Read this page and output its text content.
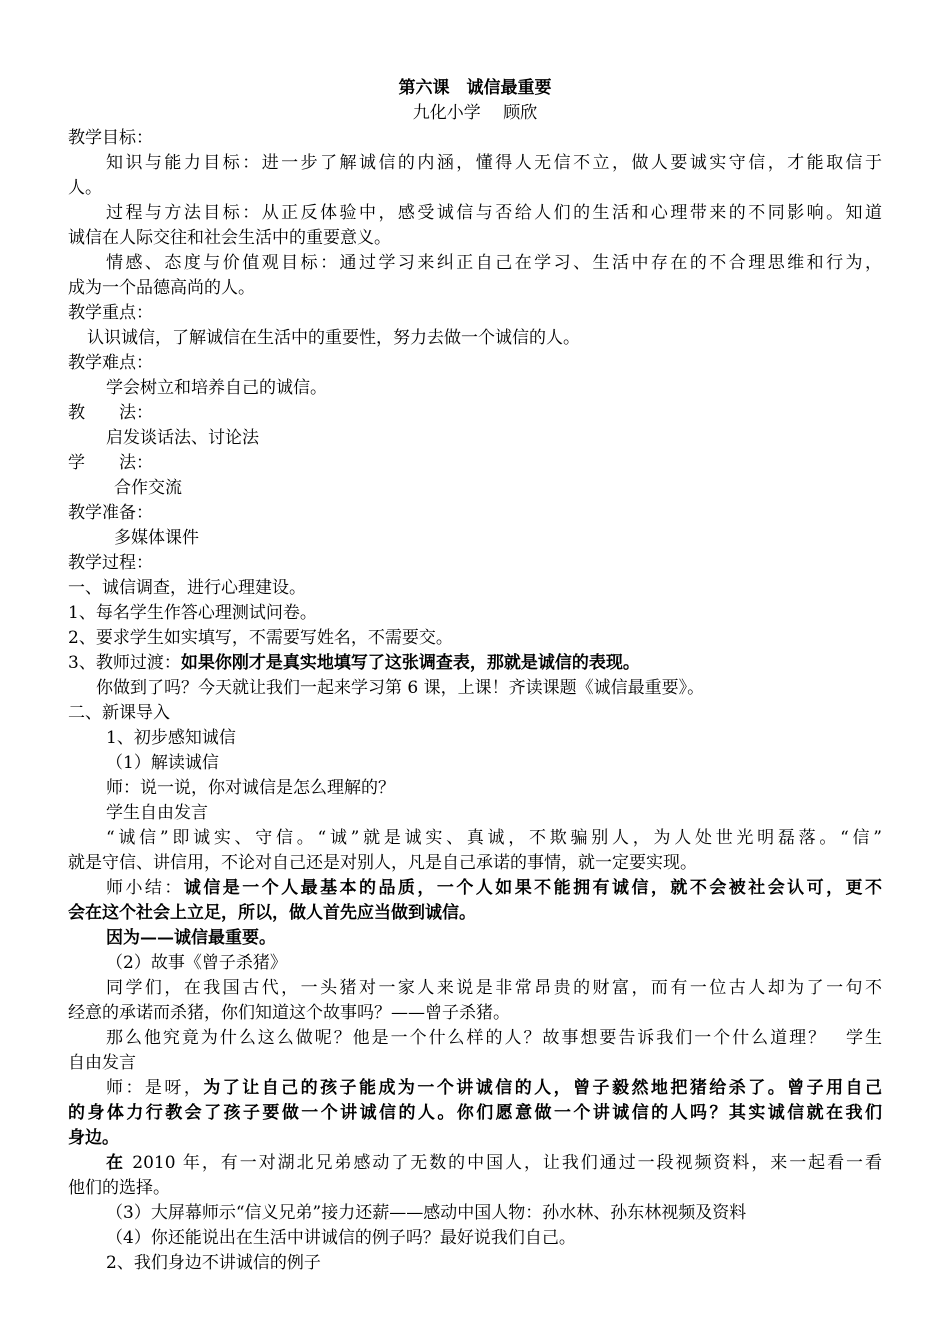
第六课　诚信最重要
九化小学　 顾欣
教学目标：
知识与能力目标：进一步了解诚信的内涵，懂得人无信不立，做人要诚实守信，才能取信于
人。
过程与方法目标：从正反体验中，感受诚信与否给人们的生活和心理带来的不同影响。知道
诚信在人际交往和社会生活中的重要意义。
情感、态度与价值观目标：通过学习来纠正自己在学习、生活中存在的不合理思维和行为，
成为一个品德高尚的人。
教学重点：
认识诚信，了解诚信在生活中的重要性，努力去做一个诚信的人。
教学难点：
学会树立和培养自己的诚信。
教　　法：
启发谈话法、讨论法
学　　法：
合作交流
教学准备：
多媒体课件
教学过程：
一、诚信调查，进行心理建设。
1、每名学生作答心理测试问卷。
2、要求学生如实填写，不需要写姓名，不需要交。
3、教师过渡：如果你刚才是真实地填写了这张调查表，那就是诚信的表现。
你做到了吗？今天就让我们一起来学习第 6 课，上课！齐读课题《诚信最重要》。
二、新课导入
1、初步感知诚信
（1）解读诚信
师：说一说，你对诚信是怎么理解的？
学生自由发言
“诚信”即诚实、守信。“诚”就是诚实、真诚，不欺骗别人，为人处世光明磊落。“信”
就是守信、讲信用，不论对自己还是对别人，凡是自己承诺的事情，就一定要实现。
师小结：诚信是一个人最基本的品质，一个人如果不能拥有诚信，就不会被社会认可，更不
会在这个社会上立足，所以，做人首先应当做到诚信。
因为——诚信最重要。
（2）故事《曾子杀猪》
同学们，在我国古代，一头猪对一家人来说是非常昂贵的财富，而有一位古人却为了一句不
经意的承诺而杀猪，你们知道这个故事吗？——曾子杀猪。
那么他究竟为什么这么做呢？他是一个什么样的人？故事想要告诉我们一个什么道理？　学生
自由发言
师：是呀，为了让自己的孩子能成为一个讲诚信的人，曾子毅然地把猪给杀了。曾子用自己
的身体力行教会了孩子要做一个讲诚信的人。你们愿意做一个讲诚信的人吗？其实诚信就在我们
身边。
在 2010 年，有一对湖北兄弟感动了无数的中国人，让我们通过一段视频资料，来一起看一看
他们的选择。
（3）大屏幕师示“信义兄弟”接力还薪——感动中国人物：孙水林、孙东林视频及资料
（4）你还能说出在生活中讲诚信的例子吗？最好说我们自己。
2、我们身边不讲诚信的例子
